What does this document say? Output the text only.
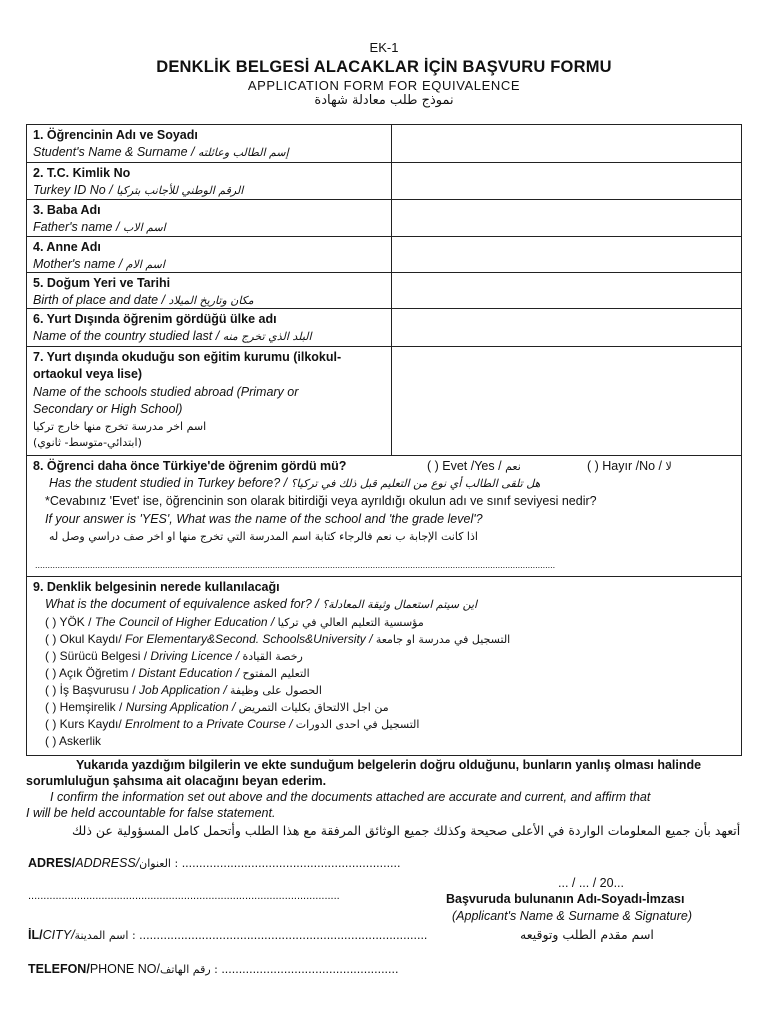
EK-1
DENKLİK BELGESİ ALACAKLAR İÇİN BAŞVURU FORMU
APPLICATION FORM FOR EQUIVALENCE
نموذج طلب معادلة شهادة
1. Öğrencinin Adı ve Soyadı
Student's Name & Surname / إسم الطالب وعائلته
2. T.C. Kimlik No
Turkey ID No / الرقم الوطني للأجانب بتركيا
3. Baba Adı
Father's name / اسم الاب
4. Anne Adı
Mother's name / اسم الام
5. Doğum Yeri ve Tarihi
Birth of place and date / مكان وتاريخ الميلاد
6. Yurt Dışında öğrenim gördüğü ülke adı
Name of the country studied last / البلد الذي تخرج منه
7. Yurt dışında okuduğu son eğitim kurumu (ilkokul-
ortaokul veya lise)
Name of the schools studied abroad (Primary or
Secondary or High School)
اسم اخر مدرسة تخرج منها خارج تركيا
(ابتدائي-متوسط- ثانوي)
8. Öğrenci daha önce Türkiye'de öğrenim gördü mü?	( ) Evet /Yes / نعم	( ) Hayır /No / لا
Has the student studied in Turkey before? / هل تلقى الطالب أي نوع من التعليم قبل ذلك في تركيا؟
*Cevabınız 'Evet' ise, öğrencinin son olarak bitirdiği veya ayrıldığı okulun adı ve sınıf seviyesi nedir?
If your answer is 'YES', What was the name of the school and 'the grade level'?
اذا كانت الإجابة ب نعم فالرجاء كتابة اسم المدرسة التي تخرج منها او اخر صف دراسي وصل له
................................................................................................................................................................................................................
9. Denklik belgesinin nerede kullanılacağı
What is the document of equivalence asked for? / اين سيتم استعمال وثيقة المعادلة؟
( ) YÖK / The Council of Higher Education / مؤسسية التعليم العالي في تركيا
( ) Okul Kaydı/ For Elementary&Second. Schools&University / التسجيل في مدرسة او جامعة
( ) Sürücü Belgesi / Driving Licence / رخصة القيادة
( ) Açık Öğretim / Distant Education / التعليم المفتوح
( ) İş Başvurusu / Job Application / الحصول على وظيفة
( ) Hemşirelik / Nursing Application / من اجل الالتحاق بكليات التمريض
( ) Kurs Kaydı/ Enrolment to a Private Course / التسجيل في احدى الدورات
( ) Askerlik
Yukarıda yazdığım bilgilerin ve ekte sunduğum belgelerin doğru olduğunu, bunların yanlış olması halinde
sorumluluğun şahsıma ait olacağını beyan ederim.
I confirm the information set out above and the documents attached are accurate and current, and affirm that
I will be held accountable for false statement.
أتعهد بأن جميع المعلومات الواردة في الأعلى صحيحة وكذلك جميع الوثائق المرفقة مع هذا الطلب وأتحمل كامل المسؤولية عن ذلك
ADRES/ADDRESS/العنوان : ...............................................................
......................................................................................................
... / ... / 20...
Başvuruda bulunanın Adı-Soyadı-İmzası
(Applicant's Name & Surname & Signature)
اسم مقدم الطلب وتوقيعه
İL/CITY/اسم المدينة : ...................................................................................
TELEFON/PHONE NO/رقم الهاتف : ...................................................
